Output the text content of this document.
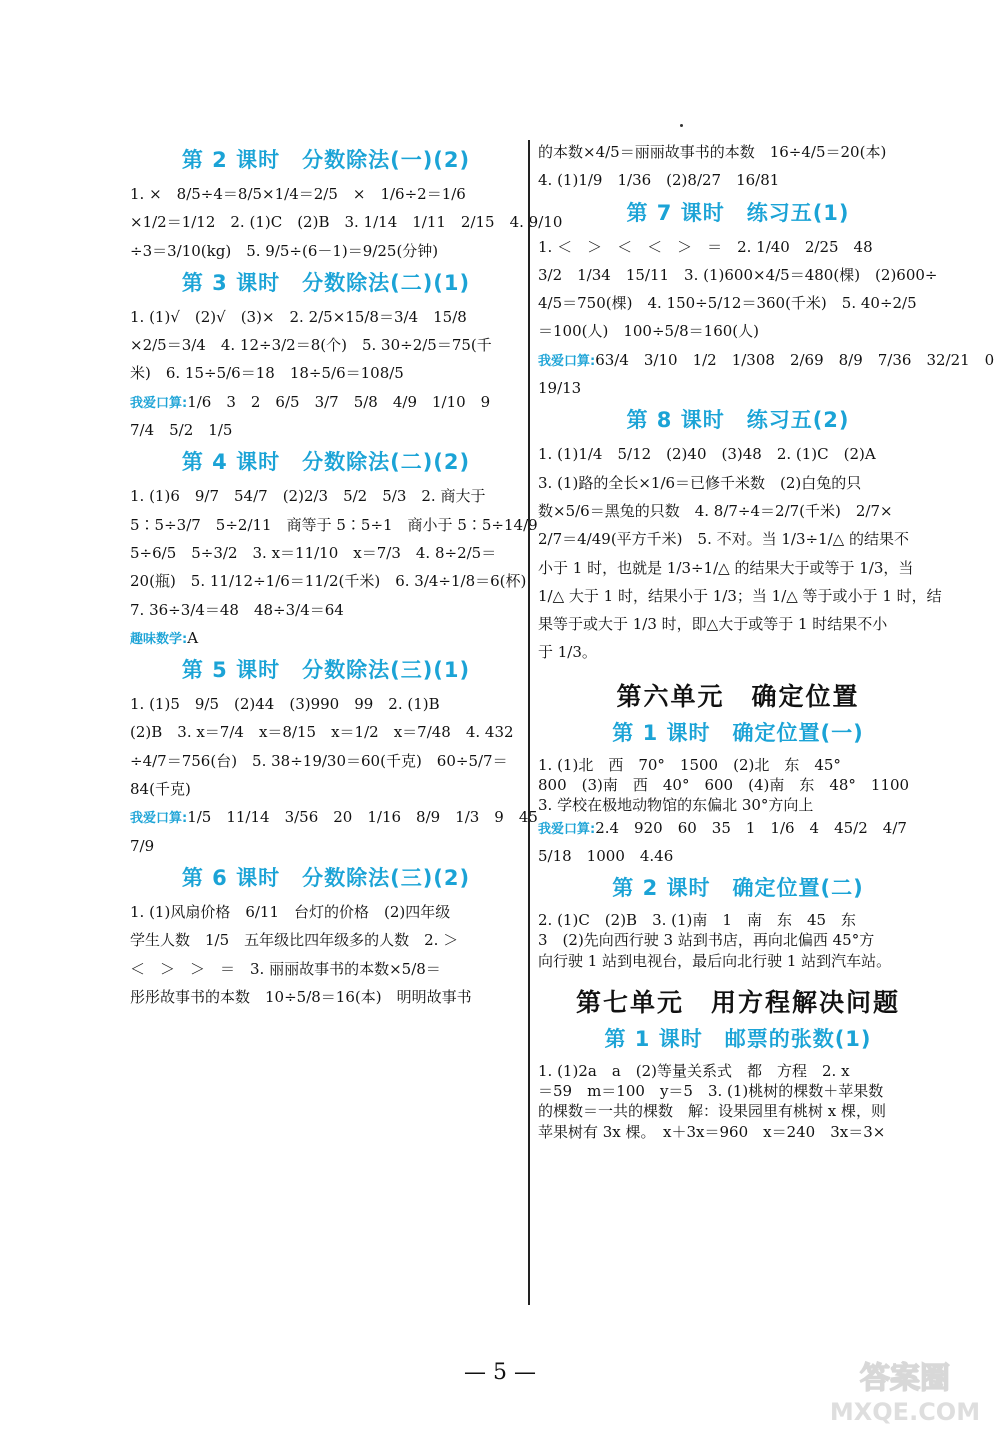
第 2 课时　分数除法(一)(2)
1. ×　8/5÷4＝8/5×1/4＝2/5　×　1/6÷2＝1/6
×1/2＝1/12　2. (1)C　(2)B　3. 1/14　1/11　2/15　4. 9/10
÷3＝3/10(kg)　5. 9/5÷(6－1)＝9/25(分钟)
第 3 课时　分数除法(二)(1)
1. (1)√　(2)√　(3)×　2. 2/5×15/8＝3/4　15/8
×2/5＝3/4　4. 12÷3/2＝8(个)　5. 30÷2/5＝75(千
米)　6. 15÷5/6＝18　18÷5/6＝108/5
我爱口算:1/6　3　2　6/5　3/7　5/8　4/9　1/10　9
7/4　5/2　1/5
第 4 课时　分数除法(二)(2)
1. (1)6　9/7　54/7　(2)2/3　5/2　5/3　2. 商大于
5∶5÷3/7　5÷2/11　商等于 5∶5÷1　商小于 5∶5÷14/9
5÷6/5　5÷3/2　3. x＝11/10　x＝7/3　4. 8÷2/5＝
20(瓶)　5. 11/12÷1/6＝11/2(千米)　6. 3/4÷1/8＝6(杯)
7. 36÷3/4＝48　48÷3/4＝64
趣味数学:A
第 5 课时　分数除法(三)(1)
1. (1)5　9/5　(2)44　(3)990　99　2. (1)B
(2)B　3. x＝7/4　x＝8/15　x＝1/2　x＝7/48　4. 432
÷4/7＝756(台)　5. 38÷19/30＝60(千克)　60÷5/7＝
84(千克)
我爱口算:1/5　11/14　3/56　20　1/16　8/9　1/3　9　45
7/9
第 6 课时　分数除法(三)(2)
1. (1)风扇价格　6/11　台灯的价格　(2)四年级
学生人数　1/5　五年级比四年级多的人数　2. ＞
＜　＞　＞　＝　3. 丽丽故事书的本数×5/8＝
彤彤故事书的本数　10÷5/8＝16(本)　明明故事书
的本数×4/5＝丽丽故事书的本数　16÷4/5＝20(本)
4. (1)1/9　1/36　(2)8/27　16/81
第 7 课时　练习五(1)
1. ＜　＞　＜　＜　＞　＝　2. 1/40　2/25　48
3/2　1/34　15/11　3. (1)600×4/5＝480(棵)　(2)600÷
4/5＝750(棵)　4. 150÷5/12＝360(千米)　5. 40÷2/5
＝100(人)　100÷5/8＝160(人)
我爱口算:63/4　3/10　1/2　1/308　2/69　8/9　7/36　32/21　0
19/13
第 8 课时　练习五(2)
1. (1)1/4　5/12　(2)40　(3)48　2. (1)C　(2)A
3. (1)路的全长×1/6＝已修千米数　(2)白兔的只
数×5/6＝黑兔的只数　4. 8/7÷4＝2/7(千米)　2/7×
2/7＝4/49(平方千米)　5. 不对。当 1/3÷1/△ 的结果不
小于 1 时，也就是 1/3÷1/△ 的结果大于或等于 1/3，当
1/△ 大于 1 时，结果小于 1/3；当 1/△ 等于或小于 1 时，结
果等于或大于 1/3 时，即△大于或等于 1 时结果不小
于 1/3。
第六单元　确定位置
第 1 课时　确定位置(一)
1. (1)北　西　70°　1500　(2)北　东　45°
800　(3)南　西　40°　600　(4)南　东　48°　1100
3. 学校在极地动物馆的东偏北 30°方向上
我爱口算:2.4　920　60　35　1　1/6　4　45/2　4/7
5/18　1000　4.46
第 2 课时　确定位置(二)
2. (1)C　(2)B　3. (1)南　1　南　东　45　东
3　(2)先向西行驶 3 站到书店，再向北偏西 45°方
向行驶 1 站到电视台，最后向北行驶 1 站到汽车站。
第七单元　用方程解决问题
第 1 课时　邮票的张数(1)
1. (1)2a　a　(2)等量关系式　都　方程　2. x
＝59　m＝100　y＝5　3. (1)桃树的棵数＋苹果数
的棵数＝一共的棵数　解：设果园里有桃树 x 棵，则
苹果树有 3x 棵。　x＋3x＝960　x＝240　3x＝3×
— 5 —	答案圈
MXQE.COM
